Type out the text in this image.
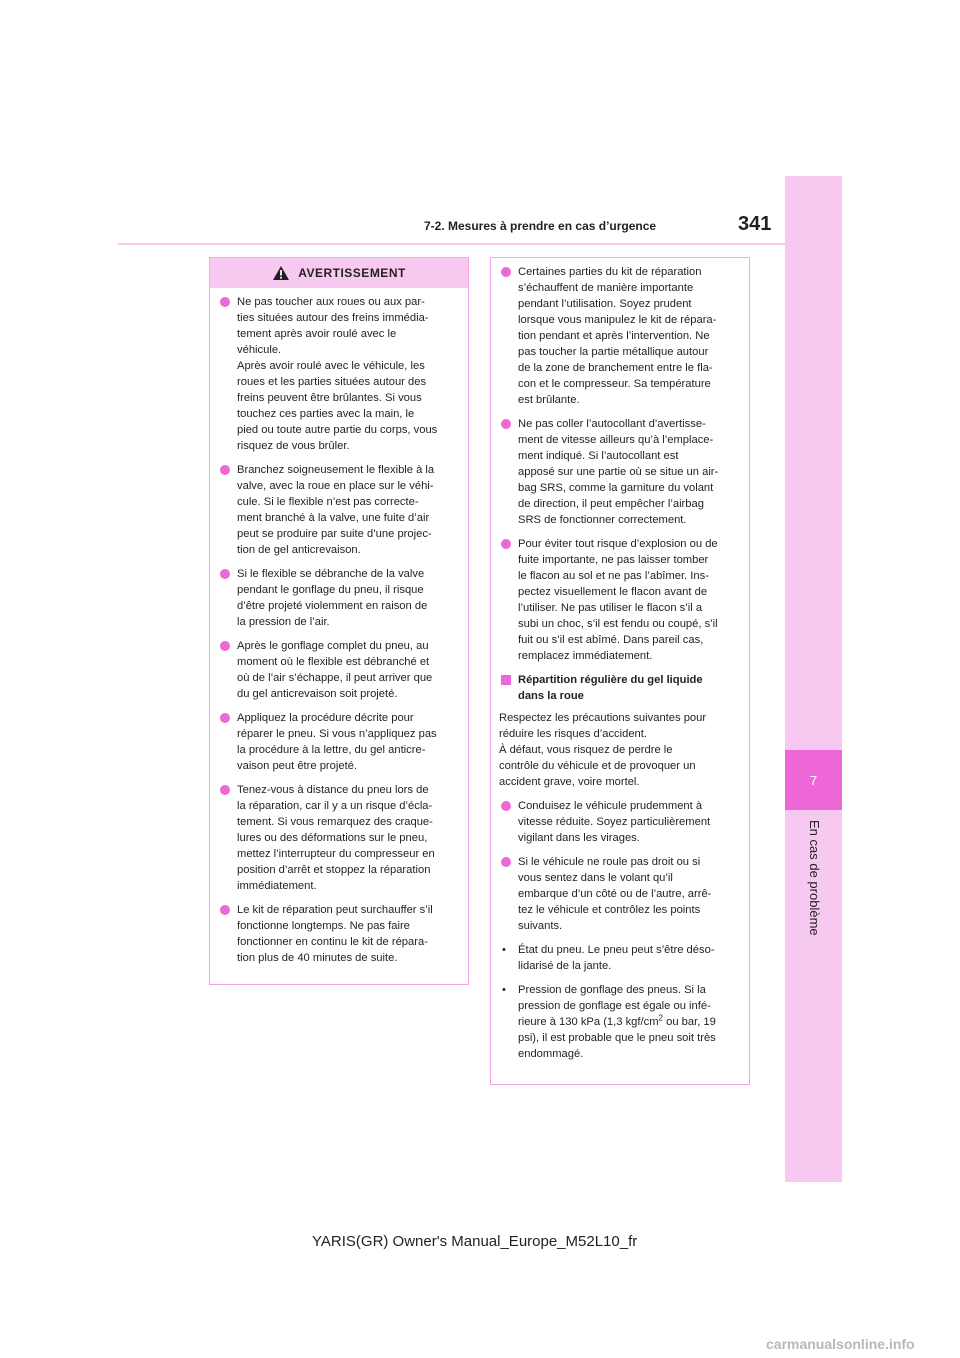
7
En cas de problème
7-2. Mesures à prendre en cas d’urgence	341
AVERTISSEMENT
Ne pas toucher aux roues ou aux par-
ties situées autour des freins immédia-
tement après avoir roulé avec le
véhicule.
Après avoir roulé avec le véhicule, les
roues et les parties situées autour des
freins peuvent être brûlantes. Si vous
touchez ces parties avec la main, le
pied ou toute autre partie du corps, vous
risquez de vous brûler.
Branchez soigneusement le flexible à la
valve, avec la roue en place sur le véhi-
cule. Si le flexible n’est pas correcte-
ment branché à la valve, une fuite d’air
peut se produire par suite d’une projec-
tion de gel anticrevaison.
Si le flexible se débranche de la valve
pendant le gonflage du pneu, il risque
d’être projeté violemment en raison de
la pression de l’air.
Après le gonflage complet du pneu, au
moment où le flexible est débranché et
où de l’air s’échappe, il peut arriver que
du gel anticrevaison soit projeté.
Appliquez la procédure décrite pour
réparer le pneu. Si vous n’appliquez pas
la procédure à la lettre, du gel anticre-
vaison peut être projeté.
Tenez-vous à distance du pneu lors de
la réparation, car il y a un risque d’écla-
tement. Si vous remarquez des craque-
lures ou des déformations sur le pneu,
mettez l’interrupteur du compresseur en
position d’arrêt et stoppez la réparation
immédiatement.
Le kit de réparation peut surchauffer s’il
fonctionne longtemps. Ne pas faire
fonctionner en continu le kit de répara-
tion plus de 40 minutes de suite.
Certaines parties du kit de réparation
s’échauffent de manière importante
pendant l’utilisation. Soyez prudent
lorsque vous manipulez le kit de répara-
tion pendant et après l’intervention. Ne
pas toucher la partie métallique autour
de la zone de branchement entre le fla-
con et le compresseur. Sa température
est brûlante.
Ne pas coller l’autocollant d’avertisse-
ment de vitesse ailleurs qu’à l’emplace-
ment indiqué. Si l’autocollant est
apposé sur une partie où se situe un air-
bag SRS, comme la garniture du volant
de direction, il peut empêcher l’airbag
SRS de fonctionner correctement.
Pour éviter tout risque d’explosion ou de
fuite importante, ne pas laisser tomber
le flacon au sol et ne pas l’abîmer. Ins-
pectez visuellement le flacon avant de
l’utiliser. Ne pas utiliser le flacon s’il a
subi un choc, s’il est fendu ou coupé, s’il
fuit ou s’il est abîmé. Dans pareil cas,
remplacez immédiatement.
Répartition régulière du gel liquide
dans la roue
Respectez les précautions suivantes pour
réduire les risques d’accident.
À défaut, vous risquez de perdre le
contrôle du véhicule et de provoquer un
accident grave, voire mortel.
Conduisez le véhicule prudemment à
vitesse réduite. Soyez particulièrement
vigilant dans les virages.
Si le véhicule ne roule pas droit ou si
vous sentez dans le volant qu’il
embarque d’un côté ou de l’autre, arrê-
tez le véhicule et contrôlez les points
suivants.
• État du pneu. Le pneu peut s’être déso-
lidarisé de la jante.
• Pression de gonflage des pneus. Si la
pression de gonflage est égale ou infé-
rieure à 130 kPa (1,3 kgf/$cm^2$ ou bar, 19
psi), il est probable que le pneu soit très
endommagé.
YARIS(GR) Owner's Manual_Europe_M52L10_fr
carmanualsonline.info
